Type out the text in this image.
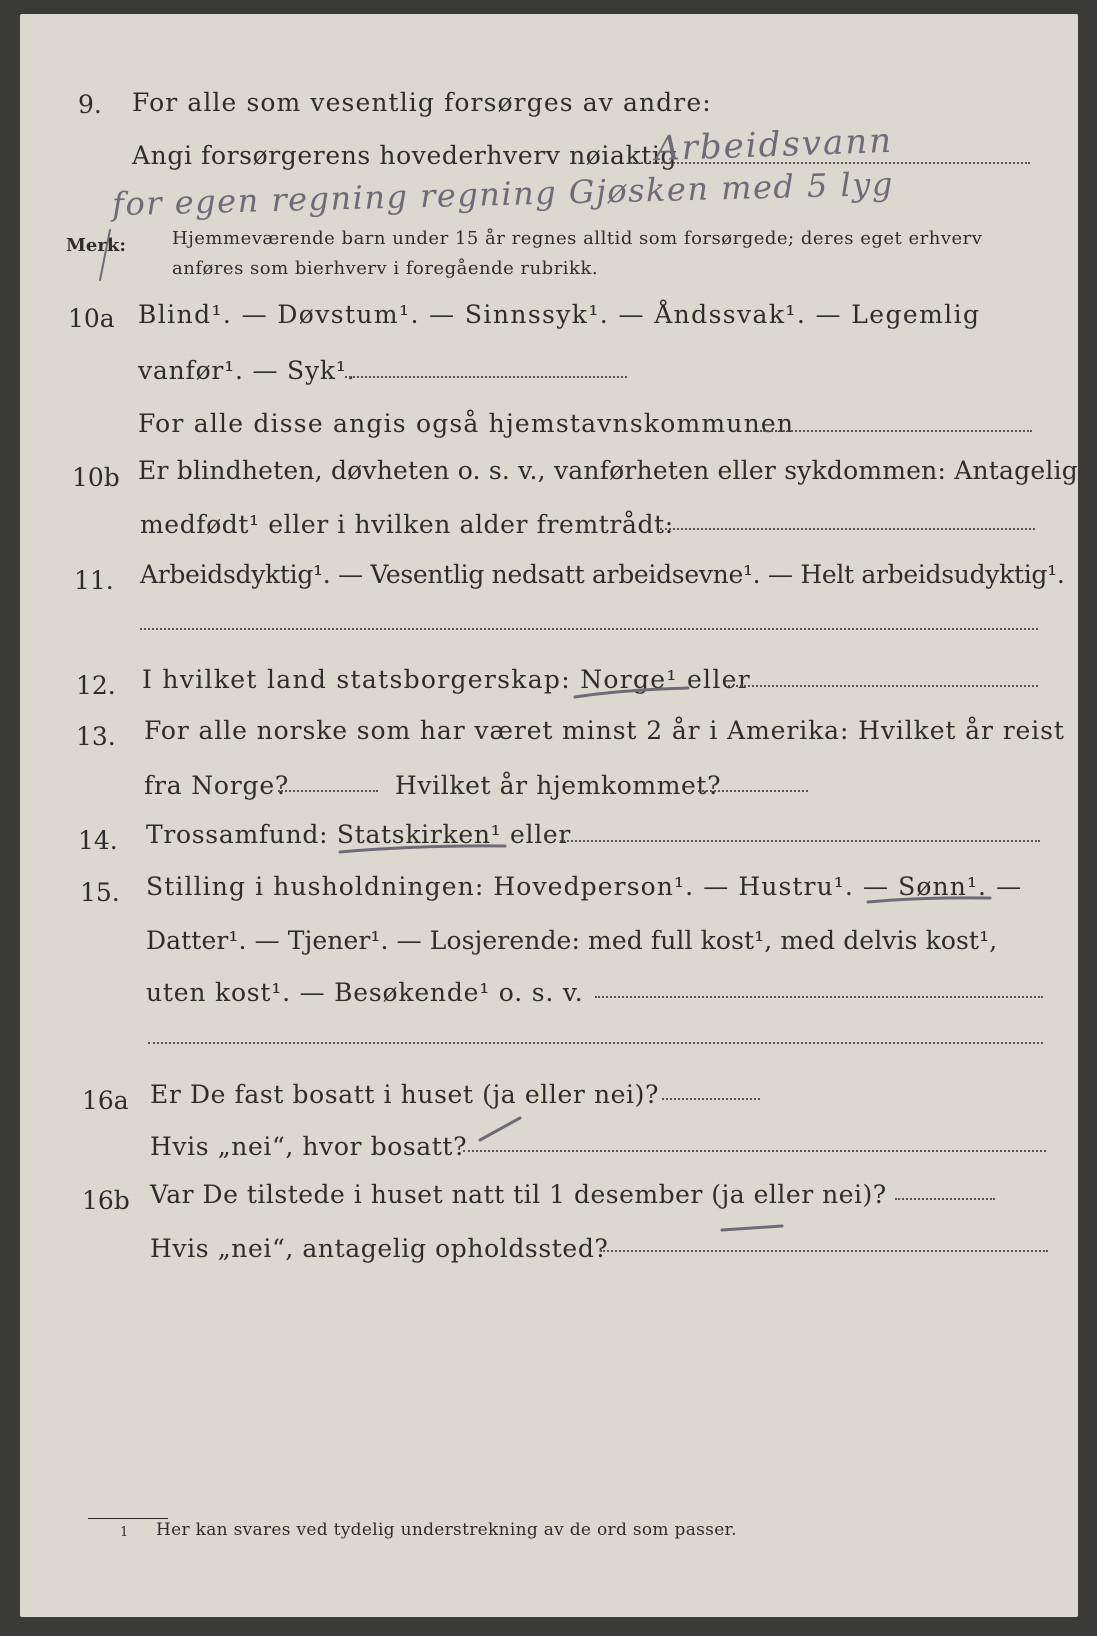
9. For alle som vesentlig forsørges av andre:
Angi forsørgerens hovederhverv nøiaktig
Arbeidsvann
for egen regning regning Gjøsken med 5 lyg
Merk:	Hjemmeværende barn under 15 år regnes alltid som forsørgede; deres eget erhverv
anføres som bierhverv i foregående rubrikk.
10a Blind¹. — Døvstum¹. — Sinnssyk¹. — Åndssvak¹. — Legemlig
vanfør¹. — Syk¹.
For alle disse angis også hjemstavnskommunen
10b Er blindheten, døvheten o. s. v., vanførheten eller sykdommen: Antagelig
medfødt¹ eller i hvilken alder fremtrådt:
11. Arbeidsdyktig¹. — Vesentlig nedsatt arbeidsevne¹. — Helt arbeidsudyktig¹.
12. I hvilket land statsborgerskap: Norge¹ eller
13. For alle norske som har været minst 2 år i Amerika: Hvilket år reist
fra Norge?	Hvilket år hjemkommet?
14. Trossamfund: Statskirken¹ eller
15. Stilling i husholdningen: Hovedperson¹. — Hustru¹. — Sønn¹. —
Datter¹. — Tjener¹. — Losjerende: med full kost¹, med delvis kost¹,
uten kost¹. — Besøkende¹ o. s. v.
16a Er De fast bosatt i huset (ja eller nei)?
Hvis „nei“, hvor bosatt?
16b Var De tilstede i huset natt til 1 desember (ja eller nei)?
Hvis „nei“, antagelig opholdssted?
1 Her kan svares ved tydelig understrekning av de ord som passer.
